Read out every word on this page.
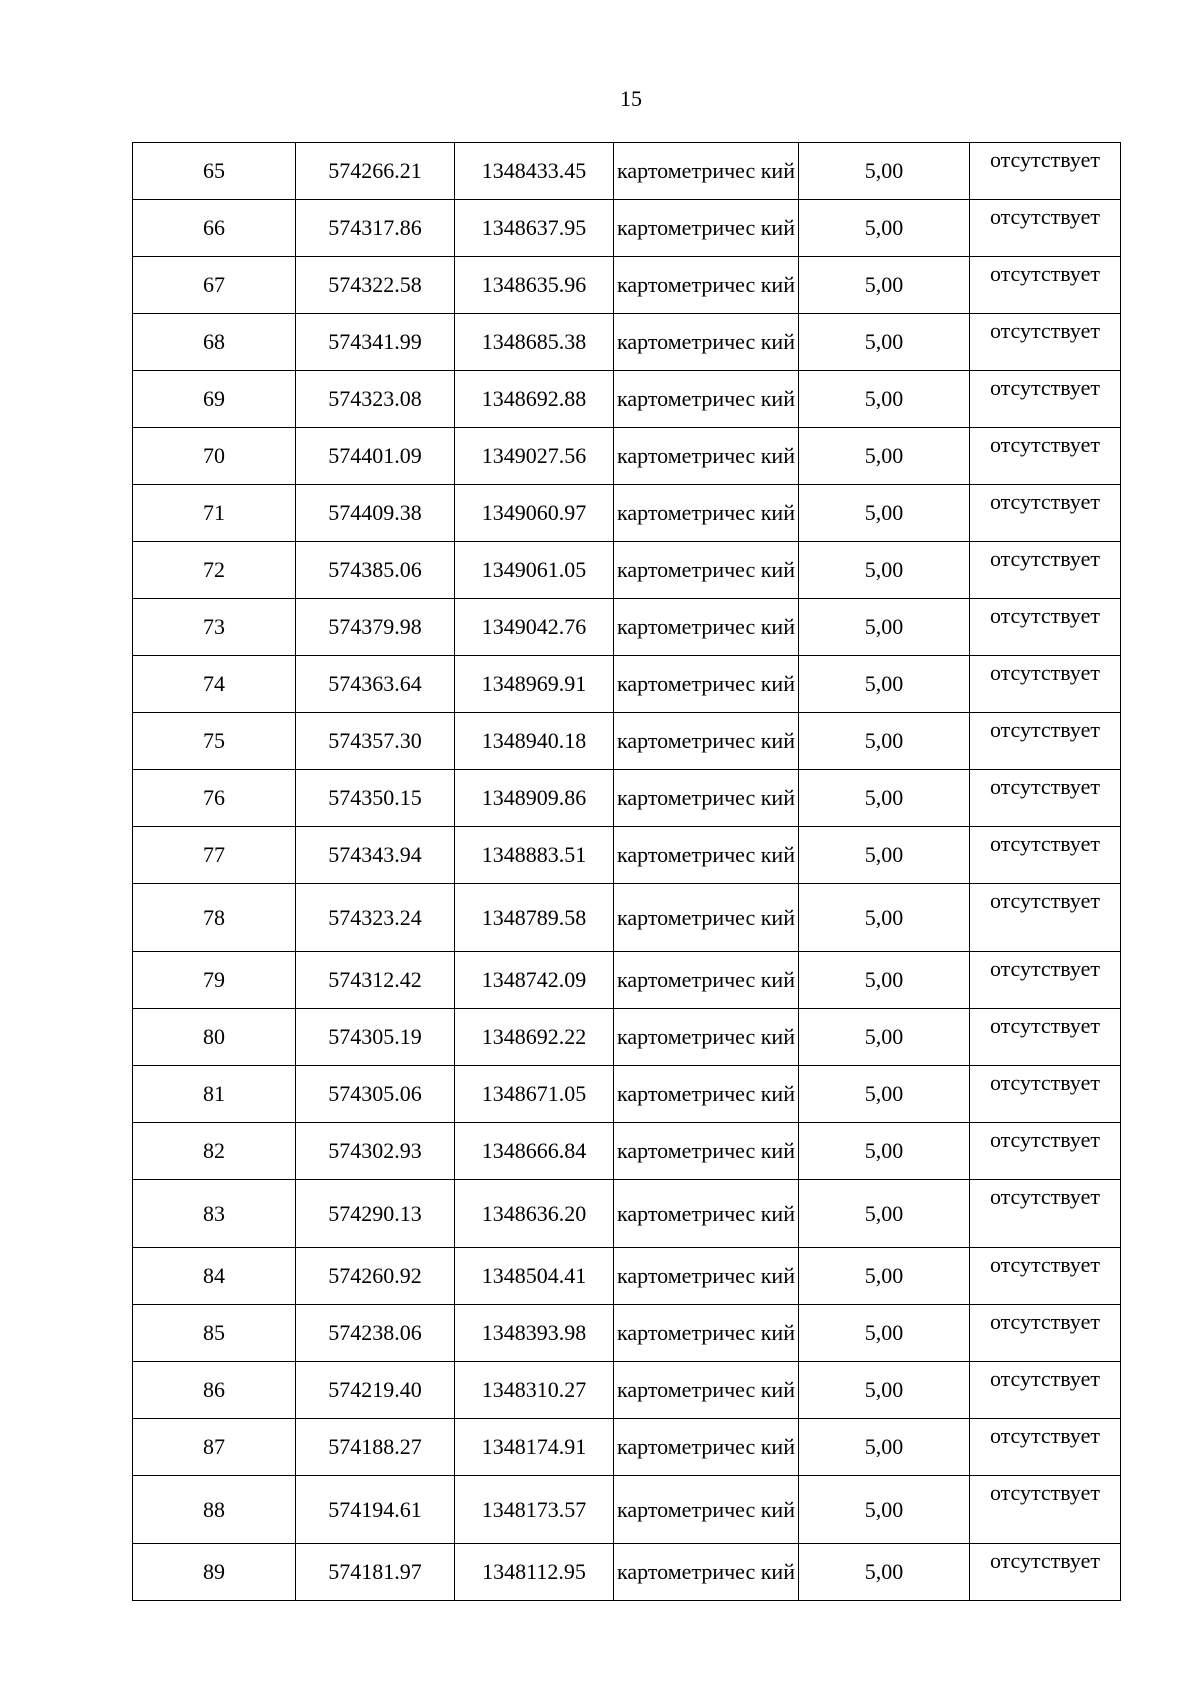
15
65	574266.21	1348433.45	картометричес кий	5,00	отсутствует
66	574317.86	1348637.95	картометричес кий	5,00	отсутствует
67	574322.58	1348635.96	картометричес кий	5,00	отсутствует
68	574341.99	1348685.38	картометричес кий	5,00	отсутствует
69	574323.08	1348692.88	картометричес кий	5,00	отсутствует
70	574401.09	1349027.56	картометричес кий	5,00	отсутствует
71	574409.38	1349060.97	картометричес кий	5,00	отсутствует
72	574385.06	1349061.05	картометричес кий	5,00	отсутствует
73	574379.98	1349042.76	картометричес кий	5,00	отсутствует
74	574363.64	1348969.91	картометричес кий	5,00	отсутствует
75	574357.30	1348940.18	картометричес кий	5,00	отсутствует
76	574350.15	1348909.86	картометричес кий	5,00	отсутствует
77	574343.94	1348883.51	картометричес кий	5,00	отсутствует
78	574323.24	1348789.58	картометричес кий	5,00	отсутствует
79	574312.42	1348742.09	картометричес кий	5,00	отсутствует
80	574305.19	1348692.22	картометричес кий	5,00	отсутствует
81	574305.06	1348671.05	картометричес кий	5,00	отсутствует
82	574302.93	1348666.84	картометричес кий	5,00	отсутствует
83	574290.13	1348636.20	картометричес кий	5,00	отсутствует
84	574260.92	1348504.41	картометричес кий	5,00	отсутствует
85	574238.06	1348393.98	картометричес кий	5,00	отсутствует
86	574219.40	1348310.27	картометричес кий	5,00	отсутствует
87	574188.27	1348174.91	картометричес кий	5,00	отсутствует
88	574194.61	1348173.57	картометричес кий	5,00	отсутствует
89	574181.97	1348112.95	картометричес кий	5,00	отсутствует
